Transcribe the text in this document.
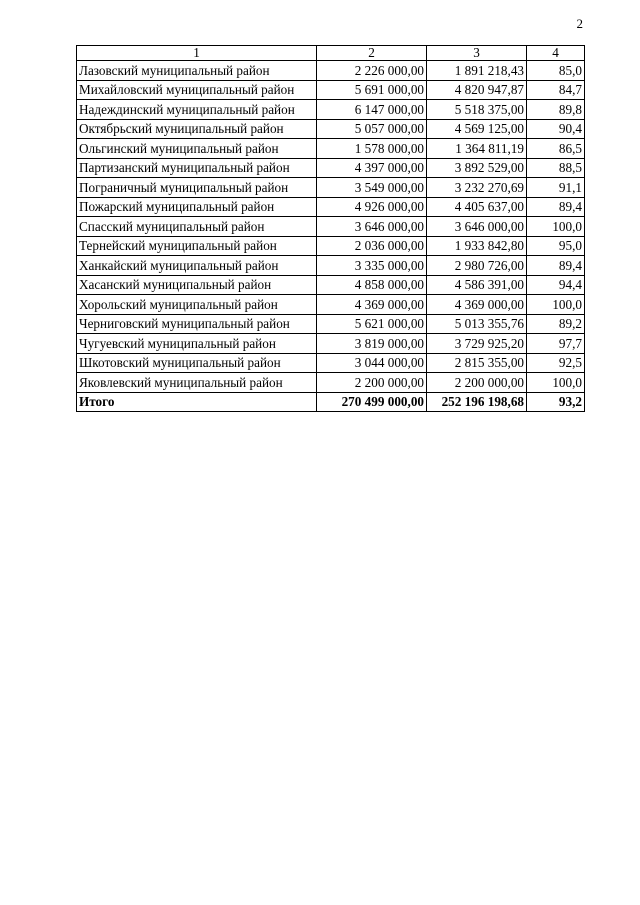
2
1	2	3	4
Лазовский муниципальный район	2 226 000,00	1 891 218,43	85,0
Михайловский муниципальный район	5 691 000,00	4 820 947,87	84,7
Надеждинский муниципальный район	6 147 000,00	5 518 375,00	89,8
Октябрьский муниципальный район	5 057 000,00	4 569 125,00	90,4
Ольгинский муниципальный район	1 578 000,00	1 364 811,19	86,5
Партизанский муниципальный район	4 397 000,00	3 892 529,00	88,5
Пограничный муниципальный район	3 549 000,00	3 232 270,69	91,1
Пожарский муниципальный район	4 926 000,00	4 405 637,00	89,4
Спасский муниципальный район	3 646 000,00	3 646 000,00	100,0
Тернейский муниципальный район	2 036 000,00	1 933 842,80	95,0
Ханкайский муниципальный район	3 335 000,00	2 980 726,00	89,4
Хасанский муниципальный район	4 858 000,00	4 586 391,00	94,4
Хорольский муниципальный район	4 369 000,00	4 369 000,00	100,0
Черниговский муниципальный район	5 621 000,00	5 013 355,76	89,2
Чугуевский муниципальный район	3 819 000,00	3 729 925,20	97,7
Шкотовский муниципальный район	3 044 000,00	2 815 355,00	92,5
Яковлевский муниципальный район	2 200 000,00	2 200 000,00	100,0
Итого	270 499 000,00	252 196 198,68	93,2
